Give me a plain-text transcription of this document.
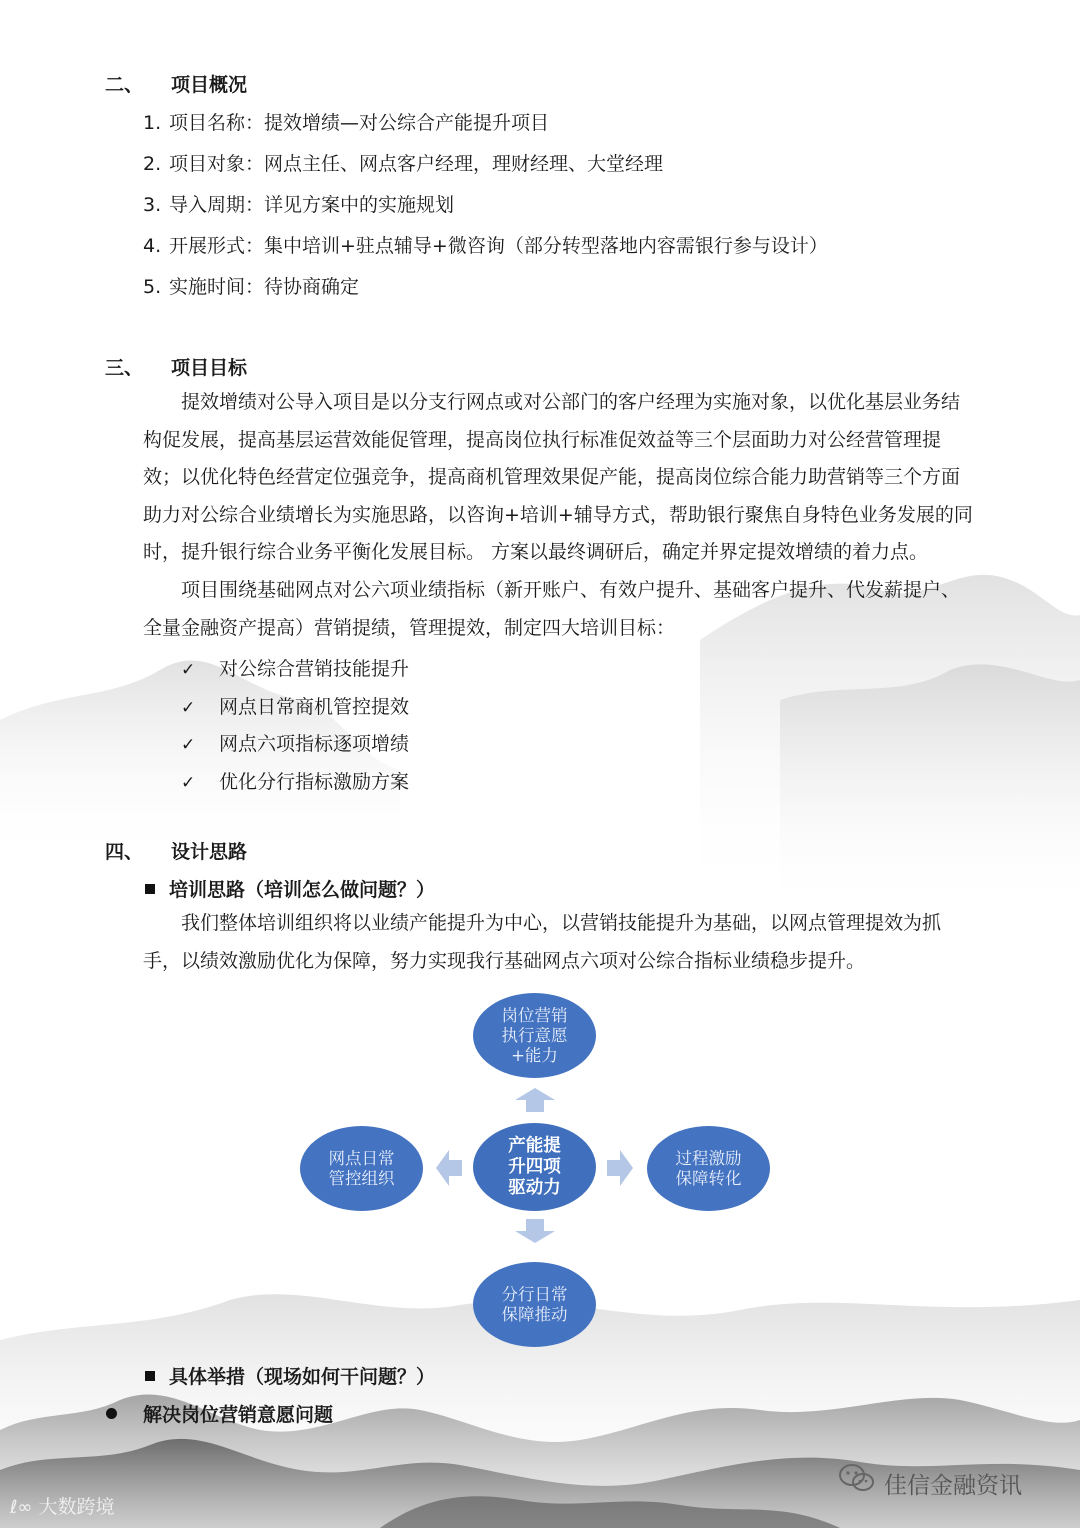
二、 项目概况
1. 项目名称：提效增绩—对公综合产能提升项目
2. 项目对象：网点主任、网点客户经理，理财经理、大堂经理
3. 导入周期：详见方案中的实施规划
4. 开展形式：集中培训+驻点辅导+微咨询（部分转型落地内容需银行参与设计）
5. 实施时间：待协商确定
三、 项目目标
提效增绩对公导入项目是以分支行网点或对公部门的客户经理为实施对象，以优化基层业务结构促发展，提高基层运营效能促管理，提高岗位执行标准促效益等三个层面助力对公经营管理提效；以优化特色经营定位强竞争，提高商机管理效果促产能，提高岗位综合能力助营销等三个方面助力对公综合业绩增长为实施思路，以咨询+培训+辅导方式，帮助银行聚焦自身特色业务发展的同时，提升银行综合业务平衡化发展目标。 方案以最终调研后，确定并界定提效增绩的着力点。
项目围绕基础网点对公六项业绩指标（新开账户、有效户提升、基础客户提升、代发薪提户、全量金融资产提高）营销提绩，管理提效，制定四大培训目标：
✓ 对公综合营销技能提升
✓ 网点日常商机管控提效
✓ 网点六项指标逐项增绩
✓ 优化分行指标激励方案
四、 设计思路
培训思路（培训怎么做问题？）
我们整体培训组织将以业绩产能提升为中心，以营销技能提升为基础，以网点管理提效为抓手，以绩效激励优化为保障，努力实现我行基础网点六项对公综合指标业绩稳步提升。
岗位营销
执行意愿
+能力
网点日常
管控组织
产能提
升四项
驱动力
过程激励
保障转化
分行日常
保障推动
具体举措（现场如何干问题？）
解决岗位营销意愿问题
ℓ∞ 大数跨境
佳信金融资讯
